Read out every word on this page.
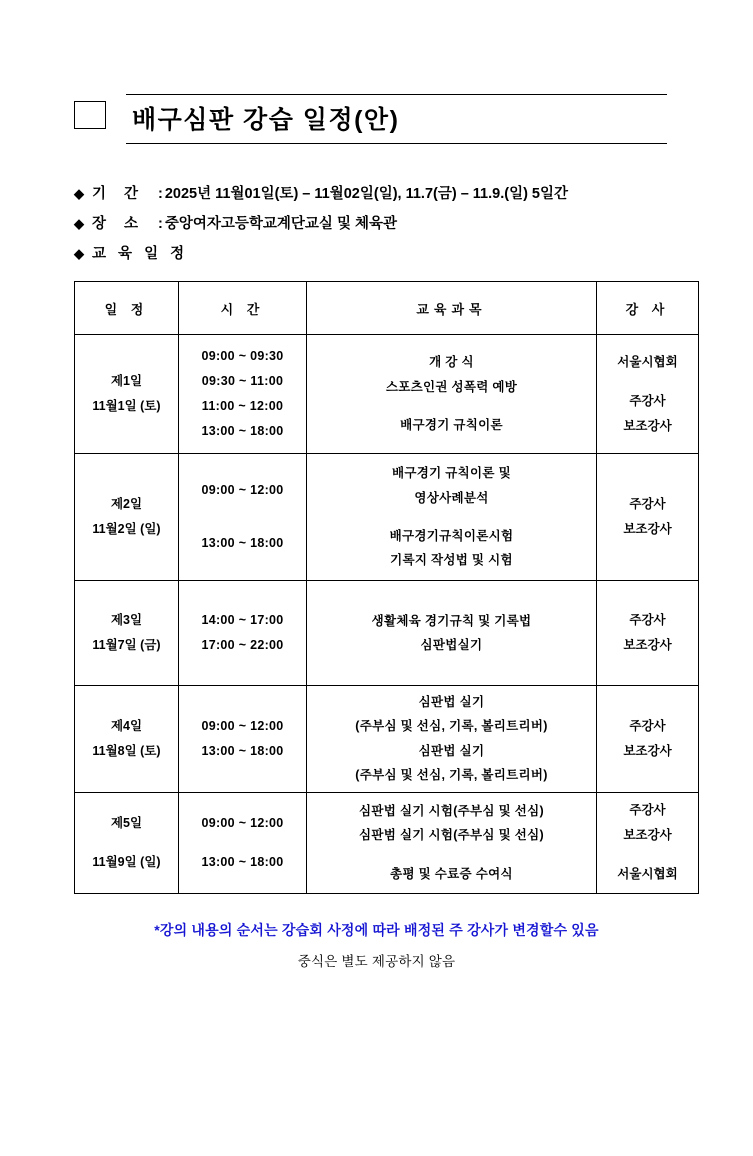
배구심판 강습 일정(안)
◆ 기 간 : 2025년 11월01일(토) – 11월02일(일), 11.7(금) – 11.9.(일) 5일간
◆ 장 소 : 중앙여자고등학교계단교실 및 체육관
◆ 교 육 일 정
일 정	시 간	교육과목	강 사

제1일
11월1일 (토)

09:00 ~ 09:30
09:30 ~ 11:00
11:00 ~ 12:00
13:00 ~ 18:00

개 강 식
스포츠인권 성폭력 예방
배구경기 규칙이론

서울시협회
주강사
보조강사

제2일
11월2일 (일)

09:00 ~ 12:00
13:00 ~ 18:00

배구경기 규칙이론 및
영상사례분석
배구경기규칙이론시험
기록지 작성법 및 시험

주강사
보조강사

제3일
11월7일 (금)

14:00 ~ 17:00
17:00 ~ 22:00

생활체육 경기규칙 및 기록법
심판법실기

주강사
보조강사

제4일
11월8일 (토)

09:00 ~ 12:00
13:00 ~ 18:00

심판법 실기
(주부심 및 선심, 기록, 볼리트리버)
심판법 실기
(주부심 및 선심, 기록, 볼리트리버)

주강사
보조강사

제5일
11월9일 (일)

09:00 ~ 12:00
13:00 ~ 18:00

심판법 실기 시험(주부심 및 선심)
심판범 실기 시험(주부심 및 선심)
총평 및 수료증 수여식

주강사
보조강사
서울시협회
*강의 내용의 순서는 강습회 사정에 따라 배정된 주 강사가 변경할수 있음
중식은 별도 제공하지 않음
